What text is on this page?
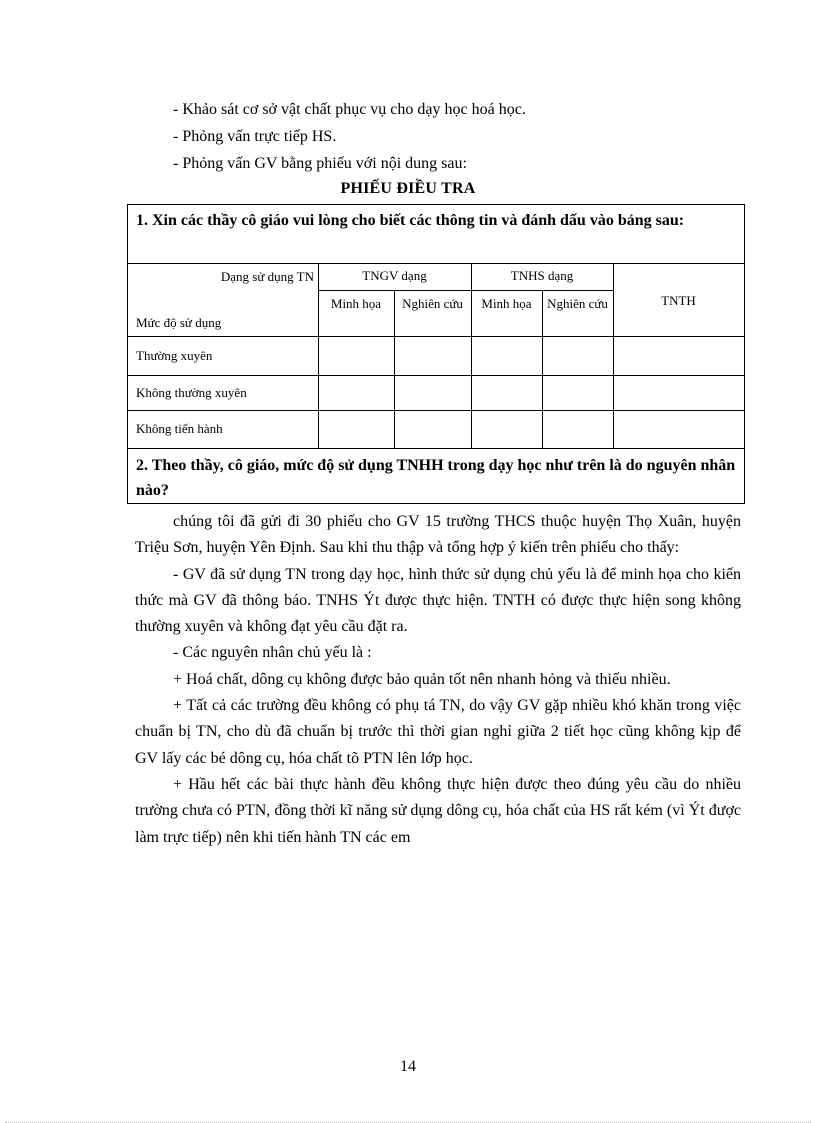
- Khảo sát cơ sở vật chất phục vụ cho dạy học hoá học.

- Phỏng vấn trực tiếp HS.

- Phỏng vấn GV bằng phiếu với nội dung sau:

PHIẾU ĐIỀU TRA
1. Xin các thầy cô giáo vui lòng cho biết các thông tin và đánh dấu vào bảng sau:
Dạng sử dụng TN
Mức độ sử dụng
TNGV dạng	TNHS dạng
Minh họa	Nghiên cứu	Minh họa	Nghiên cứu	TNTH
Thường xuyên
Không thường xuyên
Không tiến hành
2. Theo thầy, cô giáo, mức độ sử dụng TNHH trong dạy học như trên là do nguyên nhân nào?

chúng tôi đã gửi đi 30 phiếu cho GV 15 trường THCS thuộc huyện Thọ Xuân, huyện Triệu Sơn, huyện Yên Định. Sau khi thu thập và tổng hợp ý kiến trên phiếu cho thấy:

- GV đã sử dụng TN trong dạy học, hình thức sử dụng chủ yếu là để minh họa cho kiến thức mà GV đã thông báo. TNHS Ýt được thực hiện. TNTH có được thực hiện song không thường xuyên và không đạt yêu cầu đặt ra.

- Các nguyên nhân chủ yếu là :

+ Hoá chất, dông cụ không được bảo quản tốt nên nhanh hỏng và thiếu nhiều.

+ Tất cả các trường đều không có phụ tá TN, do vậy GV gặp nhiều khó khăn trong việc chuẩn bị TN, cho dù đã chuẩn bị trước thì thời gian nghỉ giữa 2 tiết học cũng không kịp để GV lấy các bé dông cụ, hóa chất tõ PTN lên lớp học.

+ Hầu hết các bài thực hành đều không thực hiện được theo đúng yêu cầu do nhiều trường chưa có PTN, đồng thời kĩ năng sử dụng dông cụ, hóa chất của HS rất kém (vì Ýt được làm trực tiếp) nên khi tiến hành TN các em

14
